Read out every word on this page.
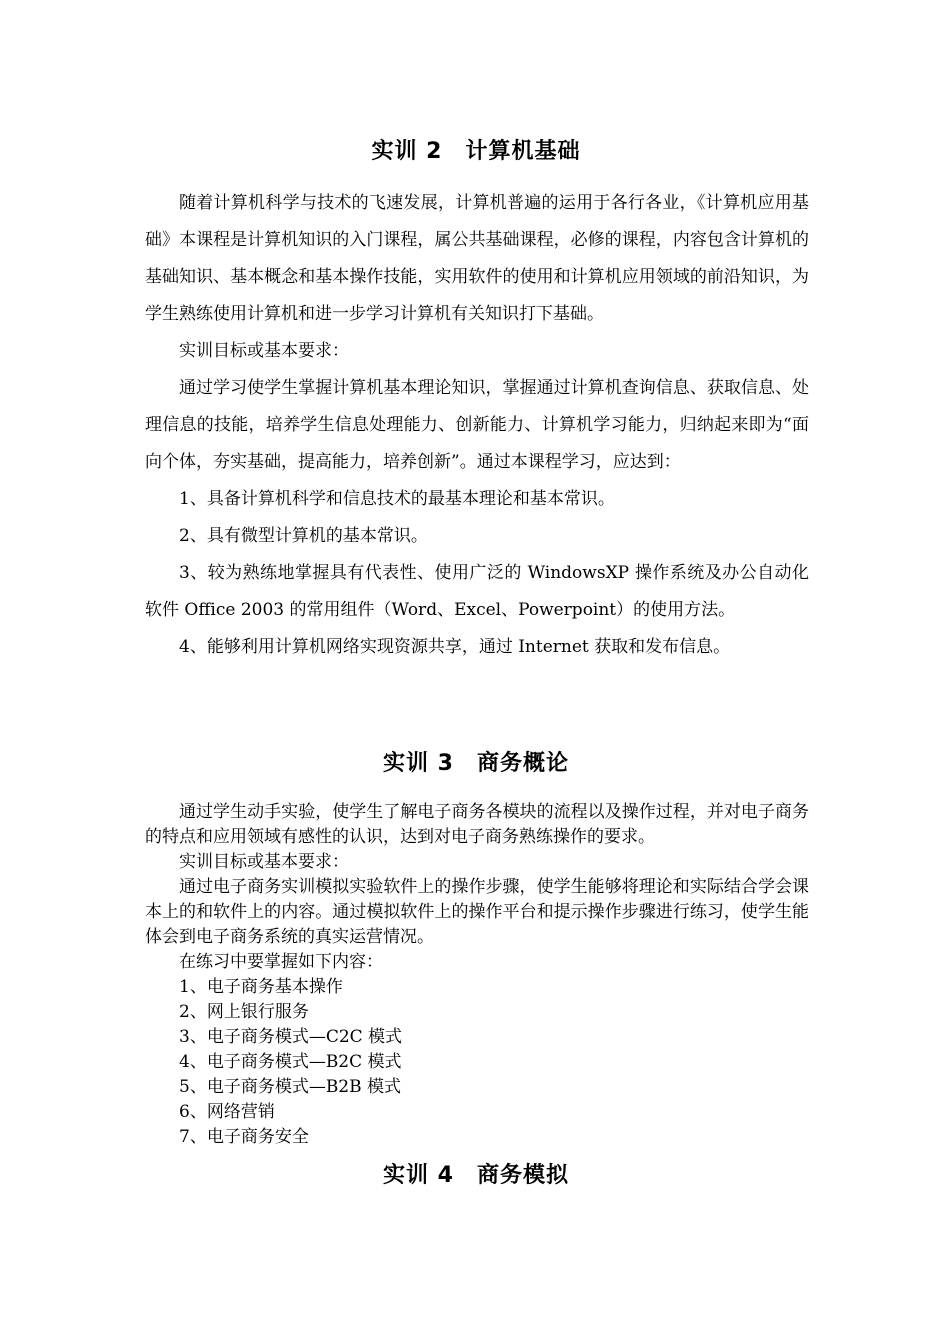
实训 2　计算机基础

随着计算机科学与技术的飞速发展，计算机普遍的运用于各行各业，《计算机应用基础》本课程是计算机知识的入门课程，属公共基础课程，必修的课程，内容包含计算机的基础知识、基本概念和基本操作技能，实用软件的使用和计算机应用领域的前沿知识，为学生熟练使用计算机和进一步学习计算机有关知识打下基础。

实训目标或基本要求：

通过学习使学生掌握计算机基本理论知识，掌握通过计算机查询信息、获取信息、处理信息的技能，培养学生信息处理能力、创新能力、计算机学习能力，归纳起来即为“面向个体，夯实基础，提高能力，培养创新”。通过本课程学习，应达到：

1、具备计算机科学和信息技术的最基本理论和基本常识。

2、具有微型计算机的基本常识。

3、较为熟练地掌握具有代表性、使用广泛的 WindowsXP 操作系统及办公自动化软件 Office 2003 的常用组件（Word、Excel、Powerpoint）的使用方法。

4、能够利用计算机网络实现资源共享，通过 Internet 获取和发布信息。

实训 3　商务概论

通过学生动手实验，使学生了解电子商务各模块的流程以及操作过程，并对电子商务的特点和应用领域有感性的认识，达到对电子商务熟练操作的要求。

实训目标或基本要求：

通过电子商务实训模拟实验软件上的操作步骤，使学生能够将理论和实际结合学会课本上的和软件上的内容。通过模拟软件上的操作平台和提示操作步骤进行练习，使学生能体会到电子商务系统的真实运营情况。

在练习中要掌握如下内容：

1、电子商务基本操作

2、网上银行服务

3、电子商务模式—C2C 模式

4、电子商务模式—B2C 模式

5、电子商务模式—B2B 模式

6、网络营销

7、电子商务安全

实训 4　商务模拟
